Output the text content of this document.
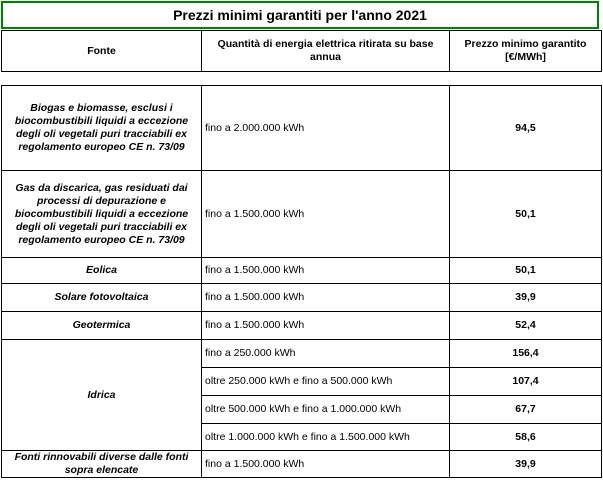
Prezzi minimi garantiti per l'anno 2021
Fonte	Quantità di energia elettrica ritirata su base annua	Prezzo minimo garantito [€/MWh]

Biogas e biomasse, esclusi i biocombustibili liquidi a eccezione degli oli vegetali puri tracciabili ex regolamento europeo CE n. 73/09	fino a 2.000.000 kWh	94,5
Gas da discarica, gas residuati dai processi di depurazione e biocombustibili liquidi a eccezione degli oli vegetali puri tracciabili ex regolamento europeo CE n. 73/09	fino a 1.500.000 kWh	50,1
Eolica	fino a 1.500.000 kWh	50,1
Solare fotovoltaica	fino a 1.500.000 kWh	39,9
Geotermica	fino a 1.500.000 kWh	52,4
Idrica	fino a 250.000 kWh	156,4
	oltre 250.000 kWh e fino a 500.000 kWh	107,4
	oltre 500.000 kWh e fino a 1.000.000 kWh	67,7
	oltre 1.000.000 kWh e fino a 1.500.000 kWh	58,6
Fonti rinnovabili diverse dalle fonti sopra elencate	fino a 1.500.000 kWh	39,9
